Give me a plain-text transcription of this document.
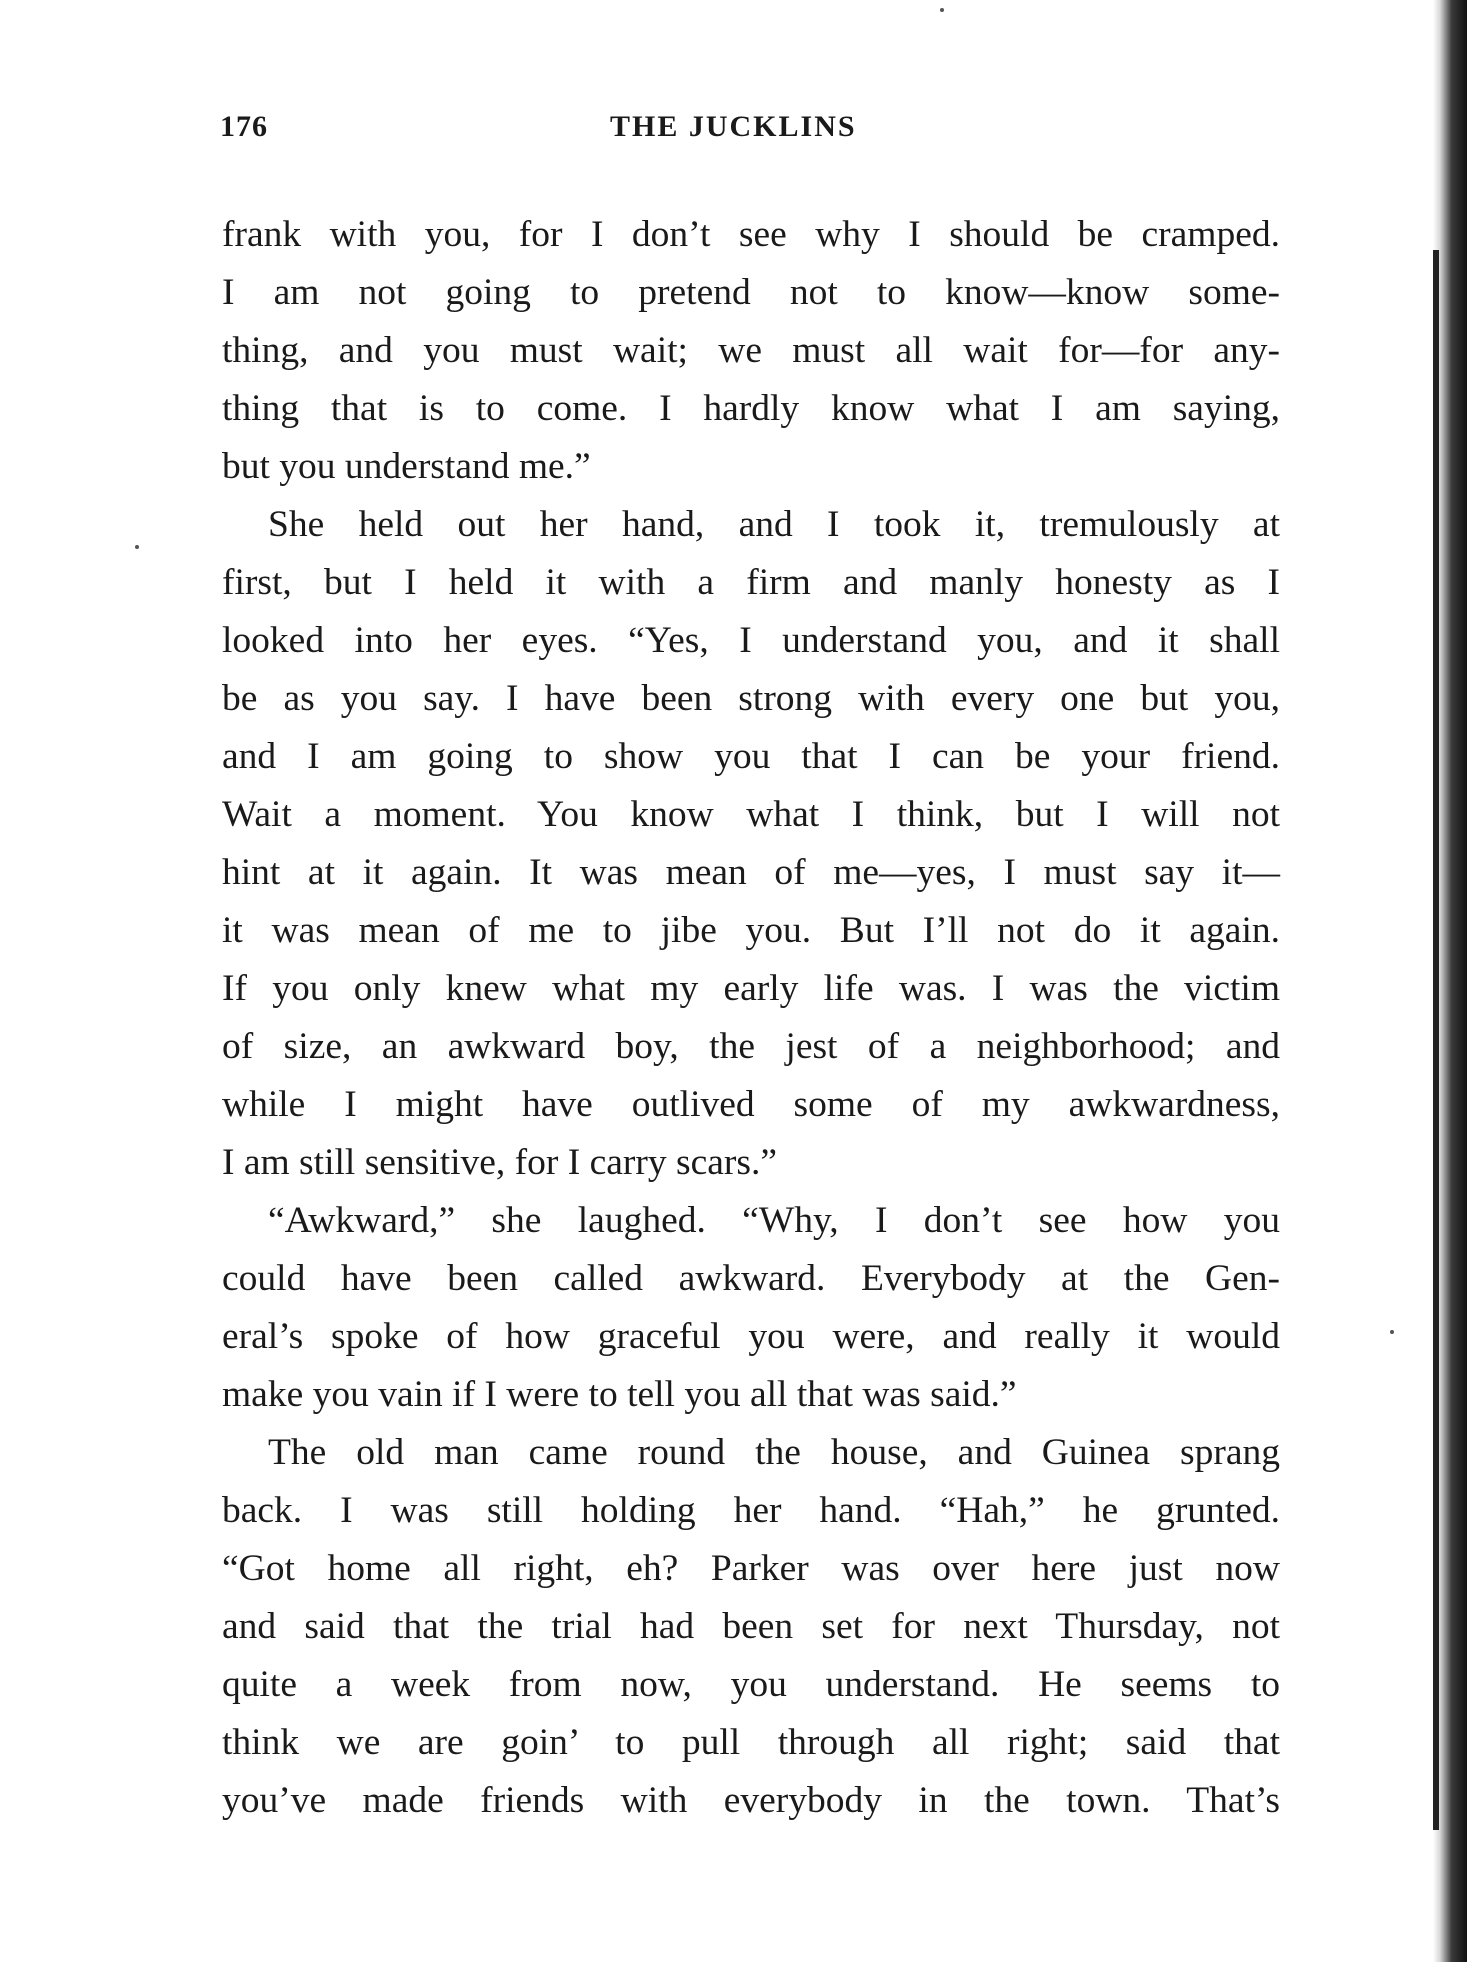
176	THE JUCKLINS
frank with you, for I don’t see why I should be cramped.
I am not going to pretend not to know—know some-
thing, and you must wait; we must all wait for—for any-
thing that is to come. I hardly know what I am saying,
but you understand me.”
She held out her hand, and I took it, tremulously at
first, but I held it with a firm and manly honesty as I
looked into her eyes. “Yes, I understand you, and it shall
be as you say. I have been strong with every one but you,
and I am going to show you that I can be your friend.
Wait a moment. You know what I think, but I will not
hint at it again. It was mean of me—yes, I must say it—
it was mean of me to jibe you. But I’ll not do it again.
If you only knew what my early life was. I was the victim
of size, an awkward boy, the jest of a neighborhood; and
while I might have outlived some of my awkwardness,
I am still sensitive, for I carry scars.”
“Awkward,” she laughed. “Why, I don’t see how you
could have been called awkward. Everybody at the Gen-
eral’s spoke of how graceful you were, and really it would
make you vain if I were to tell you all that was said.”
The old man came round the house, and Guinea sprang
back. I was still holding her hand. “Hah,” he grunted.
“Got home all right, eh? Parker was over here just now
and said that the trial had been set for next Thursday, not
quite a week from now, you understand. He seems to
think we are goin’ to pull through all right; said that
you’ve made friends with everybody in the town. That’s
